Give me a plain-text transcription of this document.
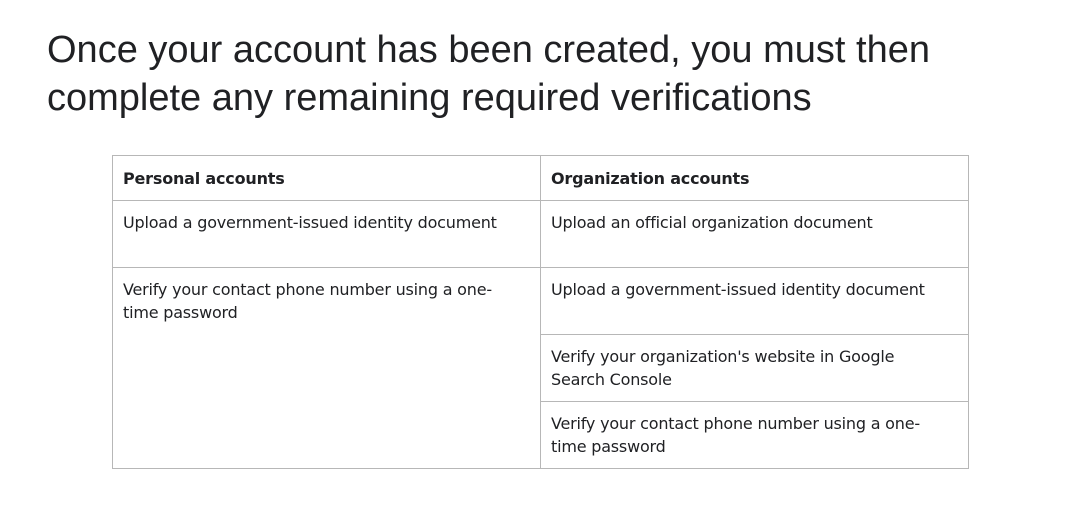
Once your account has been created, you must then complete any remaining required verifications
Personal accounts	Organization accounts
Upload a government-issued identity document	Upload an official organization document
Verify your contact phone number using a one-time password	Upload a government-issued identity document
	Verify your organization's website in Google Search Console
	Verify your contact phone number using a one-time password
